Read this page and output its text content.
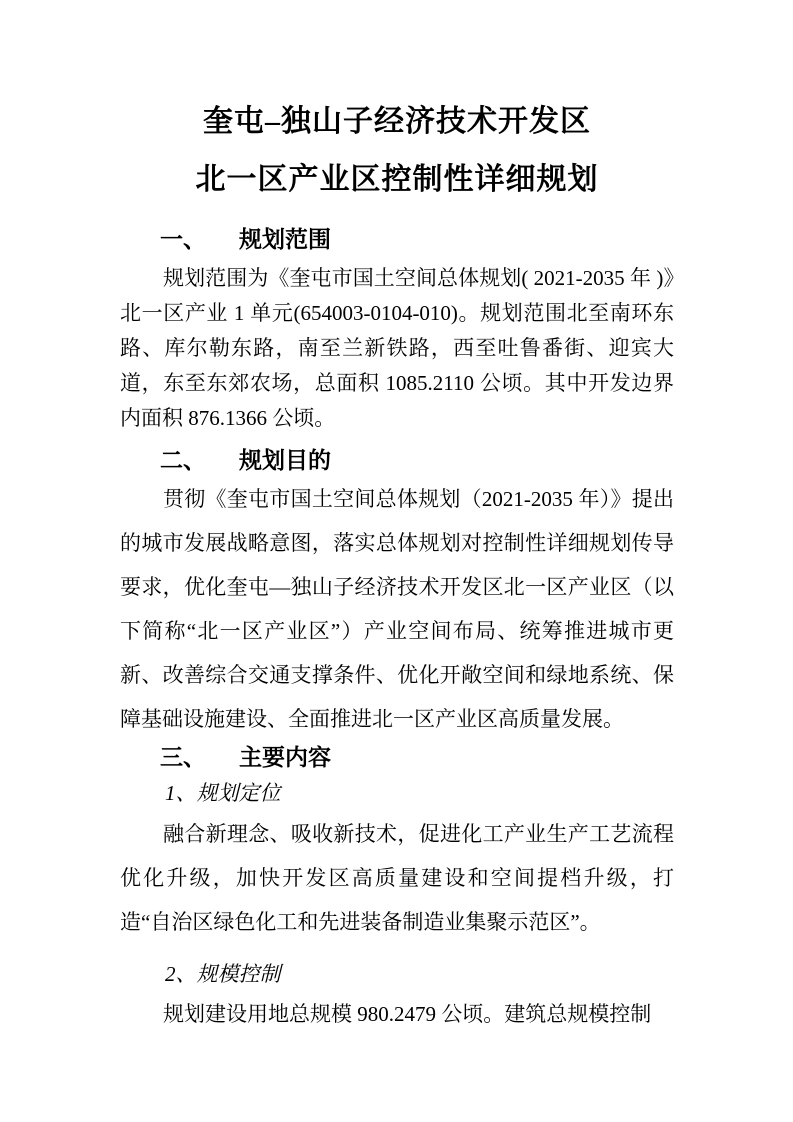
奎屯–独山子经济技术开发区
北一区产业区控制性详细规划
一、 规划范围

规划范围为《奎屯市国土空间总体规划( 2021-2035 年 )》北一区产业 1 单元(654003-0104-010)。规划范围北至南环东路、库尔勒东路，南至兰新铁路，西至吐鲁番街、迎宾大道，东至东郊农场，总面积 1085.2110 公顷。其中开发边界内面积 876.1366 公顷。

二、 规划目的

贯彻《奎屯市国土空间总体规划（2021-2035 年）》提出的城市发展战略意图，落实总体规划对控制性详细规划传导要求，优化奎屯—独山子经济技术开发区北一区产业区（以下简称“北一区产业区”）产业空间布局、统筹推进城市更新、改善综合交通支撑条件、优化开敞空间和绿地系统、保障基础设施建设、全面推进北一区产业区高质量发展。

三、 主要内容
1、规划定位

融合新理念、吸收新技术，促进化工产业生产工艺流程优化升级，加快开发区高质量建设和空间提档升级，打造“自治区绿色化工和先进装备制造业集聚示范区”。

2、规模控制

规划建设用地总规模 980.2479 公顷。建筑总规模控制
